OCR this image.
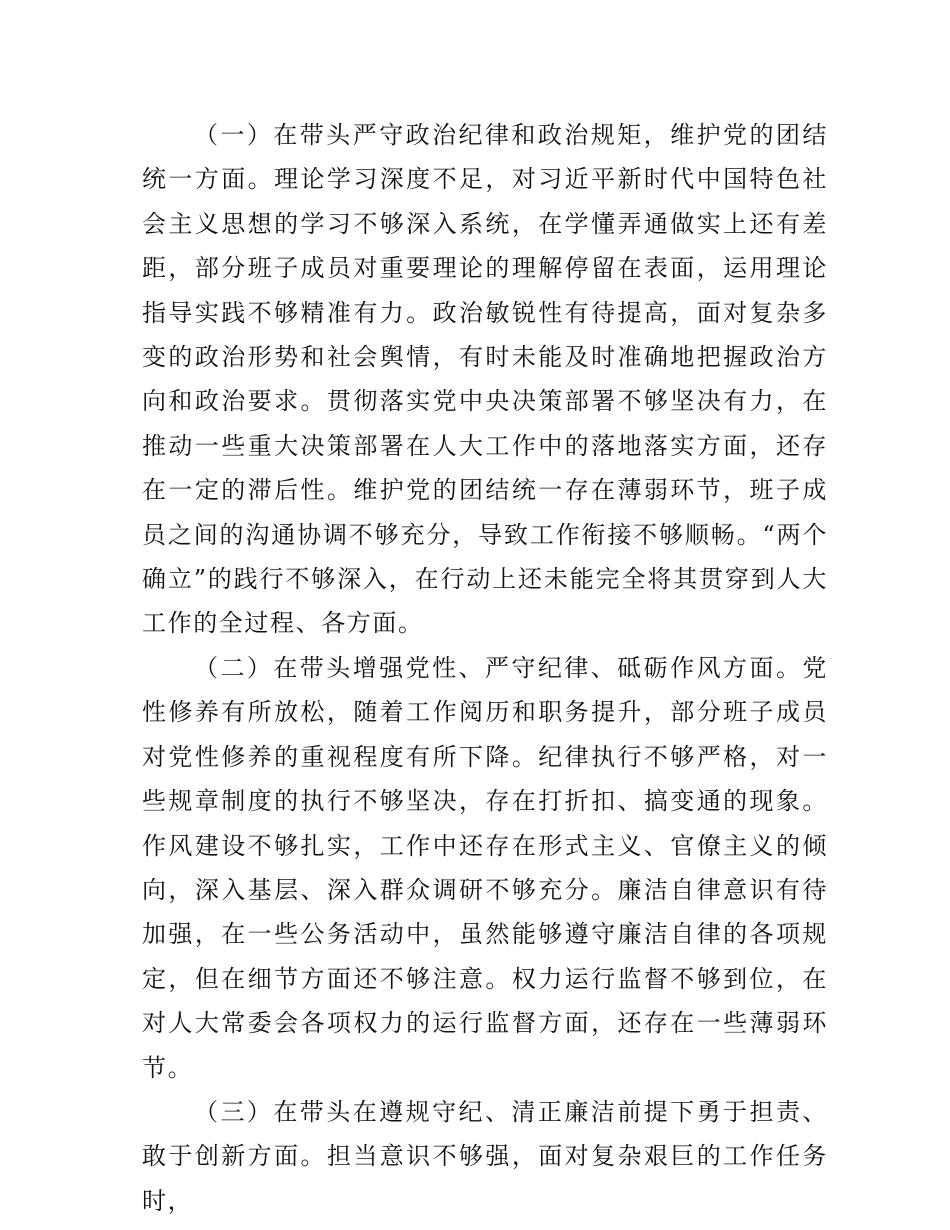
（一）在带头严守政治纪律和政治规矩，维护党的团结统一方面。理论学习深度不足，对习近平新时代中国特色社会主义思想的学习不够深入系统，在学懂弄通做实上还有差距，部分班子成员对重要理论的理解停留在表面，运用理论指导实践不够精准有力。政治敏锐性有待提高，面对复杂多变的政治形势和社会舆情，有时未能及时准确地把握政治方向和政治要求。贯彻落实党中央决策部署不够坚决有力，在推动一些重大决策部署在人大工作中的落地落实方面，还存在一定的滞后性。维护党的团结统一存在薄弱环节，班子成员之间的沟通协调不够充分，导致工作衔接不够顺畅。“两个确立”的践行不够深入，在行动上还未能完全将其贯穿到人大工作的全过程、各方面。

（二）在带头增强党性、严守纪律、砥砺作风方面。党性修养有所放松，随着工作阅历和职务提升，部分班子成员对党性修养的重视程度有所下降。纪律执行不够严格，对一些规章制度的执行不够坚决，存在打折扣、搞变通的现象。作风建设不够扎实，工作中还存在形式主义、官僚主义的倾向，深入基层、深入群众调研不够充分。廉洁自律意识有待加强，在一些公务活动中，虽然能够遵守廉洁自律的各项规定，但在细节方面还不够注意。权力运行监督不够到位，在对人大常委会各项权力的运行监督方面，还存在一些薄弱环节。

（三）在带头在遵规守纪、清正廉洁前提下勇于担责、敢于创新方面。担当意识不够强，面对复杂艰巨的工作任务时，
